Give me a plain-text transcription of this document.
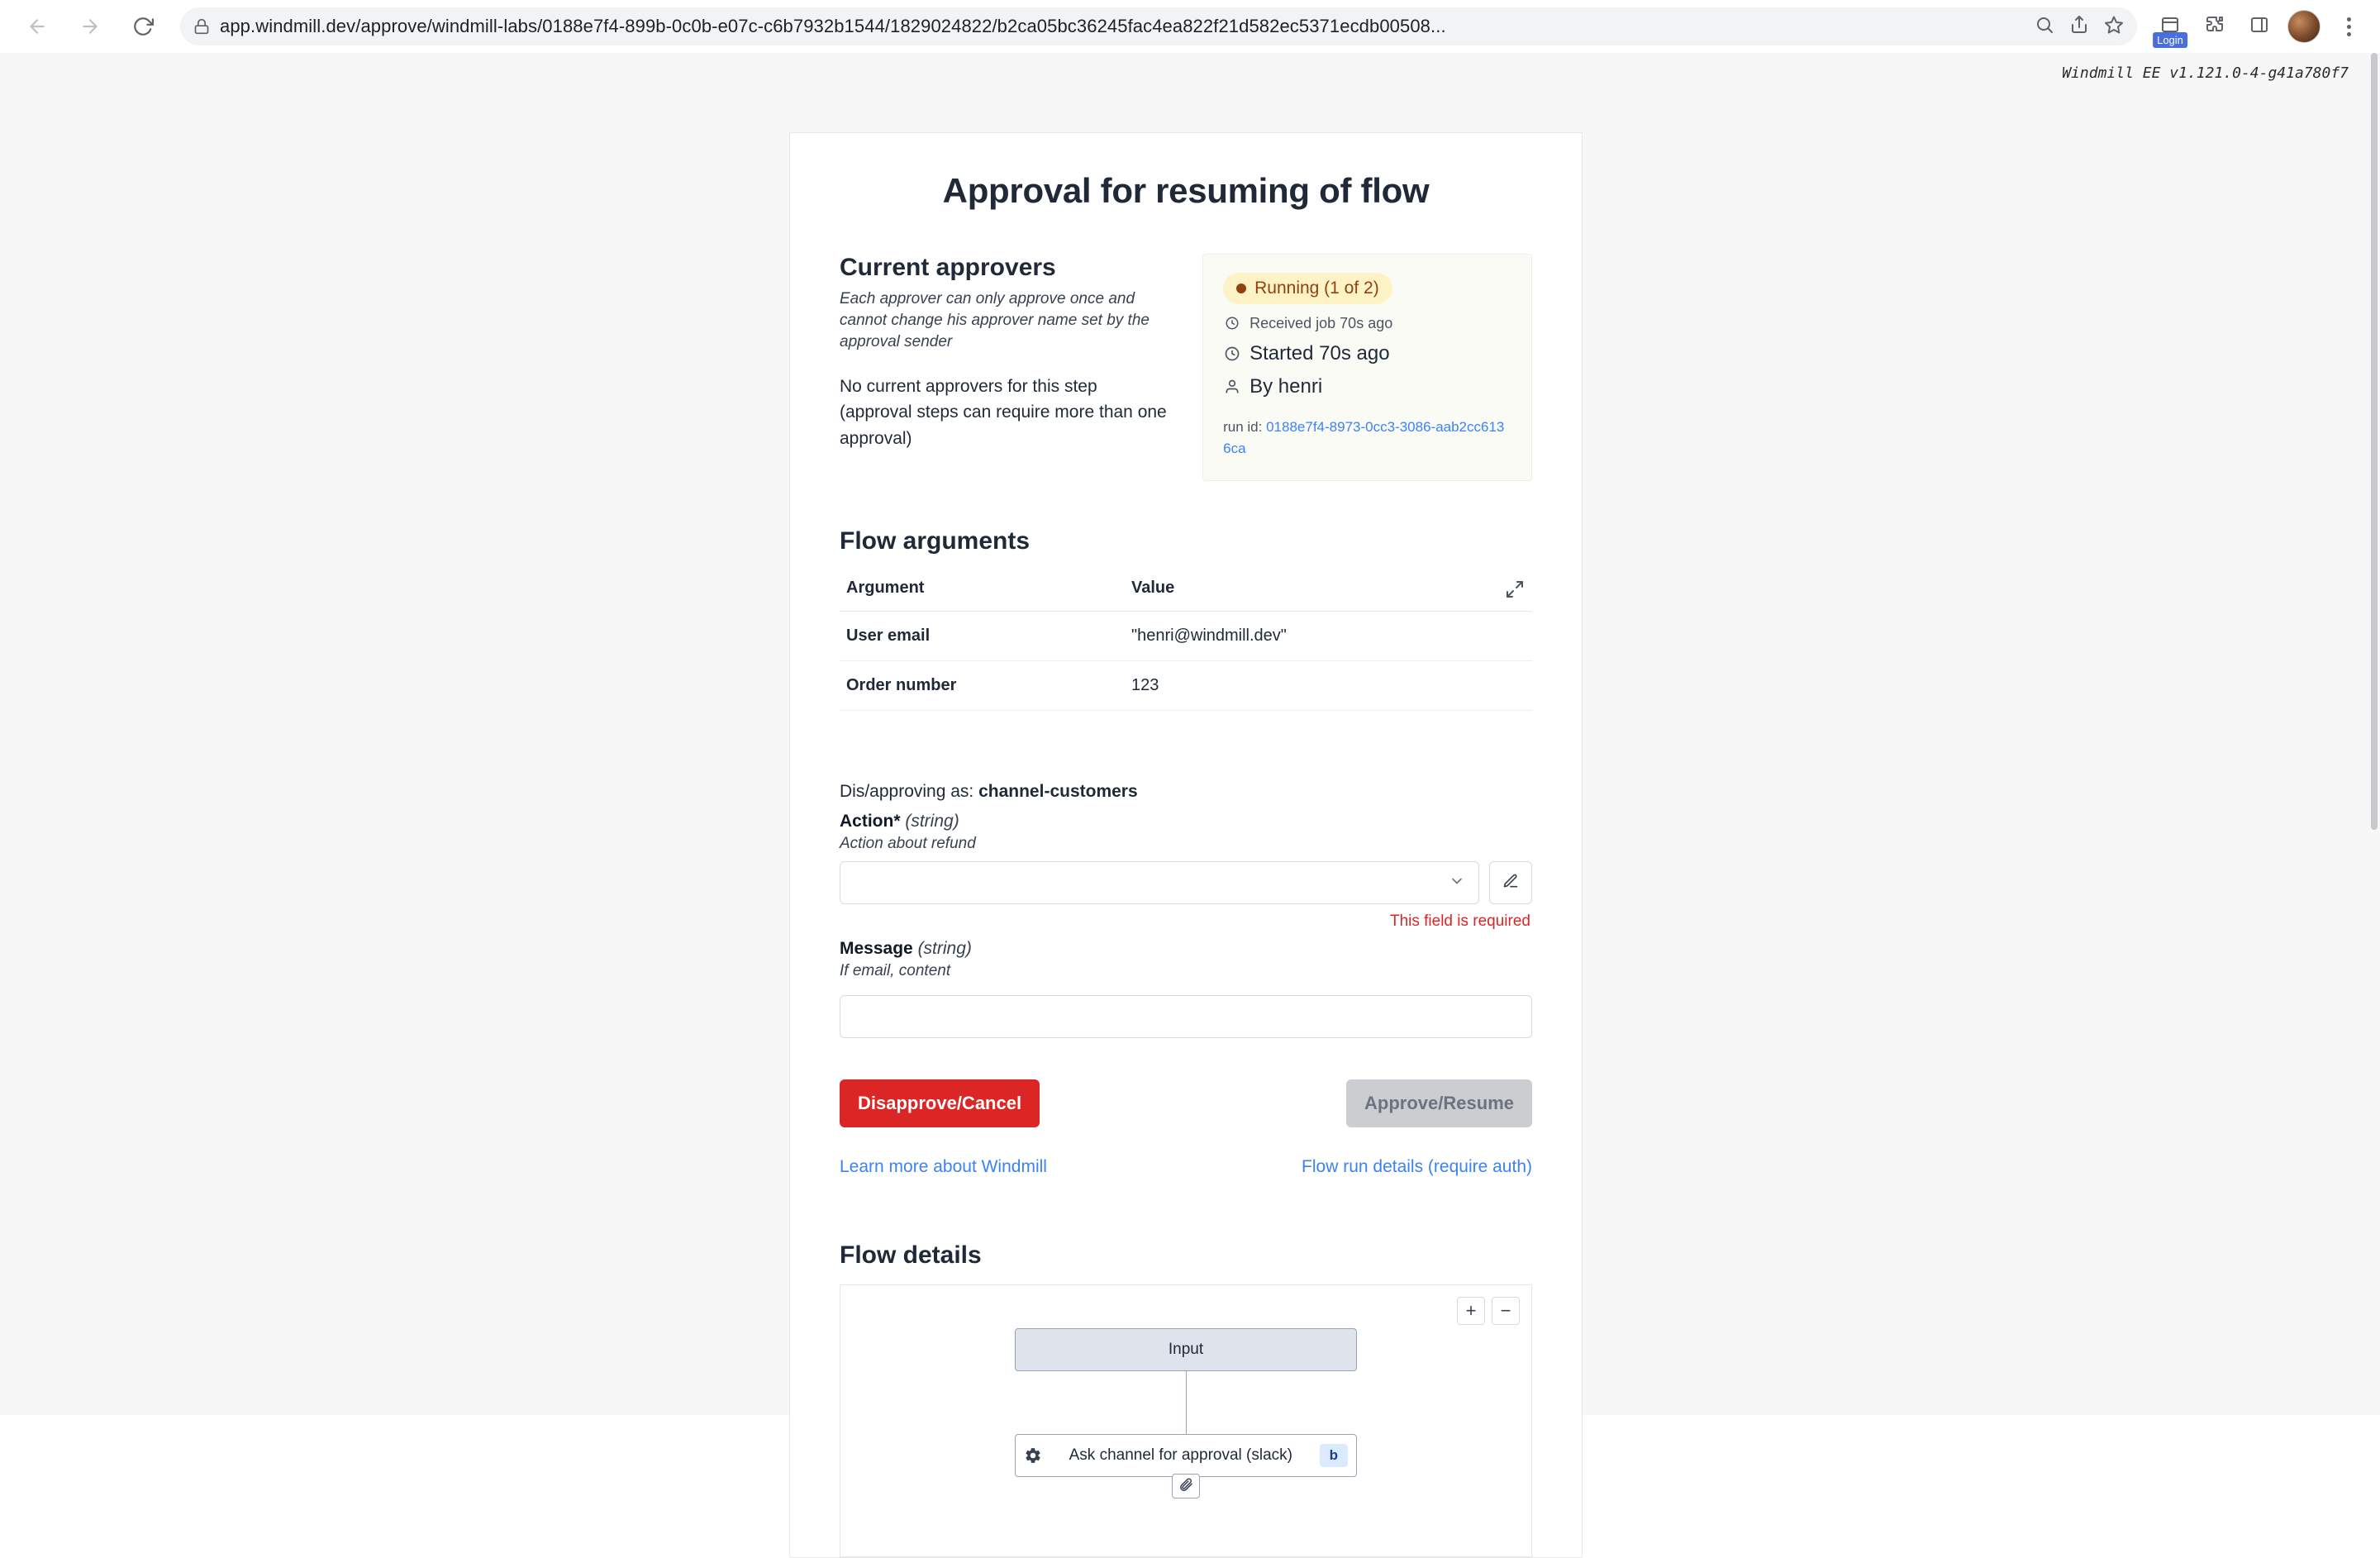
app.windmill.dev/approve/windmill-labs/0188e7f4-899b-0c0b-e07c-c6b7932b1544/1829024822/b2ca05bc36245fac4ea822f21d582ec5371ecdb00508...
Login
Windmill EE v1.121.0-4-g41a780f7
Approval for resuming of flow
Current approvers

Each approver can only approve once and cannot change his approver name set by the approval sender

No current approvers for this step (approval steps can require more than one approval)

Running (1 of 2)
Received job 70s ago
Started 70s ago
By henri
run id: 0188e7f4-8973-0cc3-3086-aab2cc6136ca
Flow arguments
Argument	Value
User email	"henri@windmill.dev"
Order number	123
Dis/approving as: channel-customers
Action* (string)
Action about refund
This field is required
Message (string)
If email, content
Disapprove/Cancel	Approve/Resume
Learn more about Windmill	Flow run details (require auth)
Flow details
+	−
Input
Ask channel for approval (slack)	b
